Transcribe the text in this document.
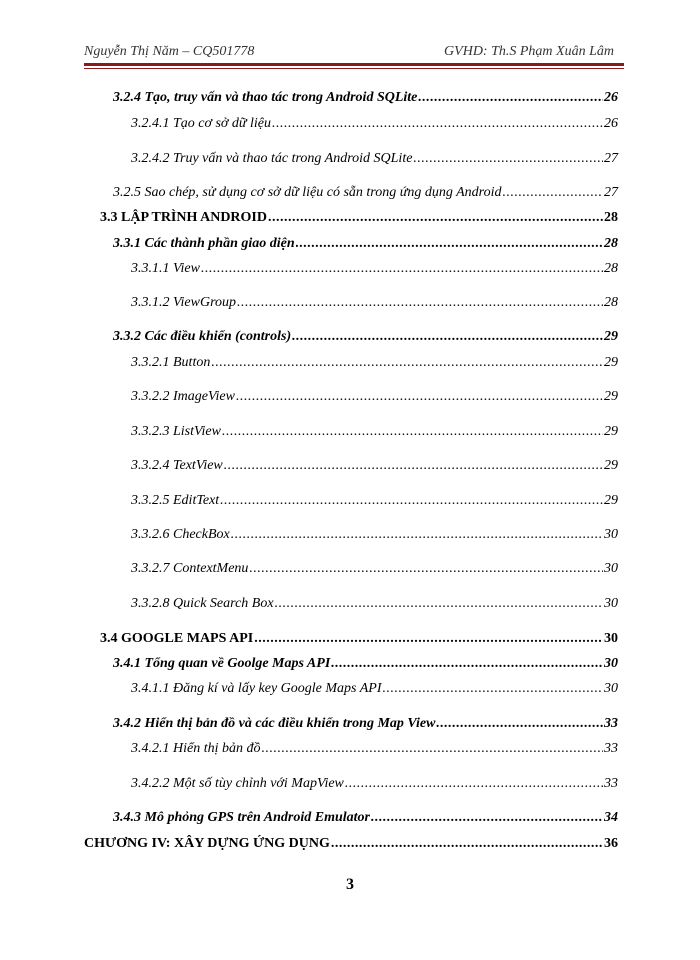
Nguyễn Thị Năm – CQ501778	GVHD: Th.S Phạm Xuân Lâm
3.2.4 Tạo, truy vấn và thao tác trong Android SQLite .....	26
3.2.4.1 Tạo cơ sở dữ liệu .....	26
3.2.4.2 Truy vấn và thao tác trong Android SQLite .....	27
3.2.5 Sao chép, sử dụng cơ sở dữ liệu có sẵn trong ứng dụng Android .....	27
3.3 LẬP TRÌNH ANDROID .....	28
3.3.1 Các thành phần giao diện .....	28
3.3.1.1 View .....	28
3.3.1.2 ViewGroup .....	28
3.3.2 Các điều khiển (controls) .....	29
3.3.2.1 Button .....	29
3.3.2.2 ImageView .....	29
3.3.2.3 ListView .....	29
3.3.2.4 TextView .....	29
3.3.2.5 EditText .....	29
3.3.2.6 CheckBox .....	30
3.3.2.7 ContextMenu .....	30
3.3.2.8 Quick Search Box .....	30
3.4 GOOGLE MAPS API .....	30
3.4.1 Tổng quan về Goolge Maps API .....	30
3.4.1.1 Đăng kí và lấy key Google Maps API .....	30
3.4.2 Hiển thị bản đồ và các điều khiển trong Map View .....	33
3.4.2.1 Hiển thị bản đồ .....	33
3.4.2.2 Một số tùy chỉnh với MapView .....	33
3.4.3 Mô phỏng GPS trên Android Emulator .....	34
CHƯƠNG IV: XÂY DỰNG ỨNG DỤNG .....	36
3
